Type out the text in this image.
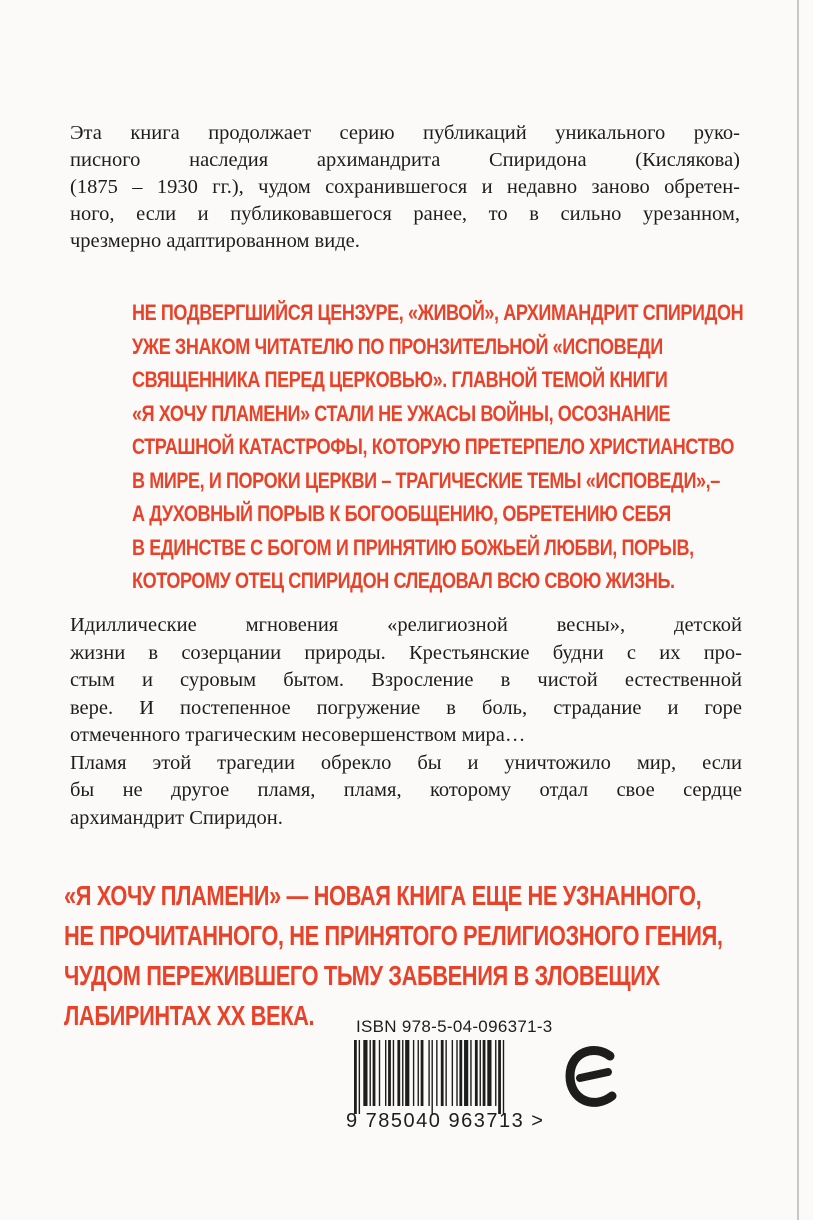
Эта книга продолжает серию публикаций уникального руко-
писного наследия архимандрита Спиридона (Кислякова)
(1875 – 1930 гг.), чудом сохранившегося и недавно заново обретен-
ного, если и публиковавшегося ранее, то в сильно урезанном,
чрезмерно адаптированном виде.
НЕ ПОДВЕРГШИЙСЯ ЦЕНЗУРЕ, «ЖИВОЙ», АРХИМАНДРИТ СПИРИДОН
УЖЕ ЗНАКОМ ЧИТАТЕЛЮ ПО ПРОНЗИТЕЛЬНОЙ «ИСПОВЕДИ
СВЯЩЕННИКА ПЕРЕД ЦЕРКОВЬЮ». ГЛАВНОЙ ТЕМОЙ КНИГИ
«Я ХОЧУ ПЛАМЕНИ» СТАЛИ НЕ УЖАСЫ ВОЙНЫ, ОСОЗНАНИЕ
СТРАШНОЙ КАТАСТРОФЫ, КОТОРУЮ ПРЕТЕРПЕЛО ХРИСТИАНСТВО
В МИРЕ, И ПОРОКИ ЦЕРКВИ – ТРАГИЧЕСКИЕ ТЕМЫ «ИСПОВЕДИ»,–
А ДУХОВНЫЙ ПОРЫВ К БОГООБЩЕНИЮ, ОБРЕТЕНИЮ СЕБЯ
В ЕДИНСТВЕ С БОГОМ И ПРИНЯТИЮ БОЖЬЕЙ ЛЮБВИ, ПОРЫВ,
КОТОРОМУ ОТЕЦ СПИРИДОН СЛЕДОВАЛ ВСЮ СВОЮ ЖИЗНЬ.
Идиллические мгновения «религиозной весны», детской
жизни в созерцании природы. Крестьянские будни с их про-
стым и суровым бытом. Взросление в чистой естественной
вере. И постепенное погружение в боль, страдание и горе
отмеченного трагическим несовершенством мира…
Пламя этой трагедии обрекло бы и уничтожило мир, если
бы не другое пламя, пламя, которому отдал свое сердце
архимандрит Спиридон.
«Я ХОЧУ ПЛАМЕНИ» — НОВАЯ КНИГА ЕЩЕ НЕ УЗНАННОГО,
НЕ ПРОЧИТАННОГО, НЕ ПРИНЯТОГО РЕЛИГИОЗНОГО ГЕНИЯ,
ЧУДОМ ПЕРЕЖИВШЕГО ТЬМУ ЗАБВЕНИЯ В ЗЛОВЕЩИХ
ЛАБИРИНТАХ XX ВЕКА.	ISBN 978-5-04-096371-3
9 785040 963713 >
